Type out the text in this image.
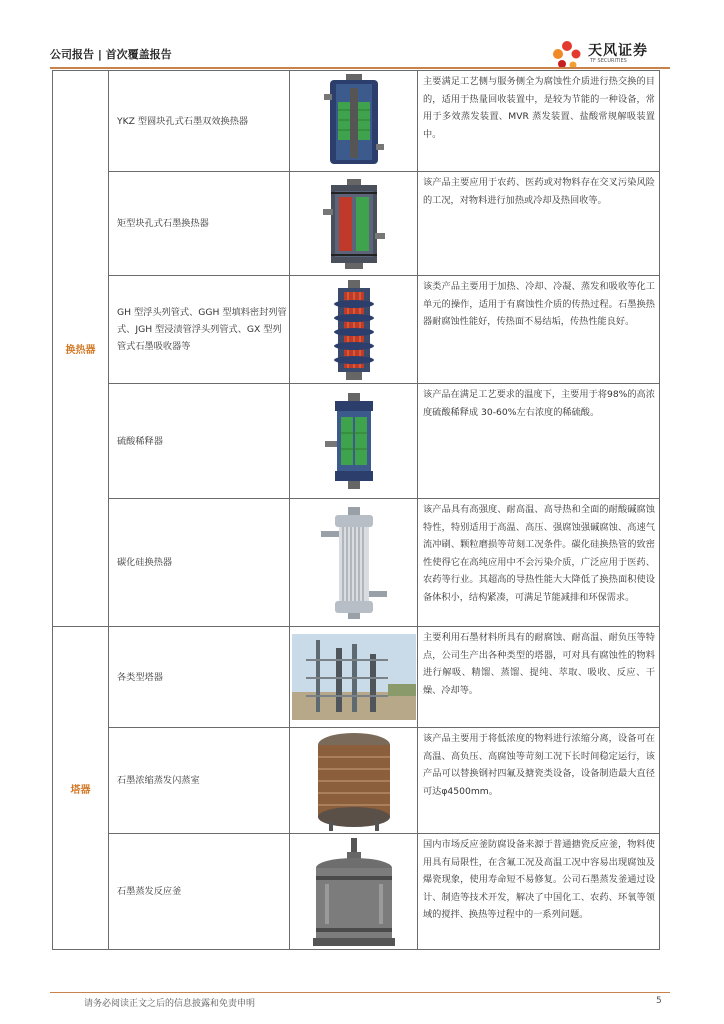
公司报告 | 首次覆盖报告	天风证券
TF SECURITIES
换热器	YKZ 型圆块孔式石墨双效换热器		主要满足工艺侧与服务侧全为腐蚀性介质进行热交换的目的，适用于热量回收装置中，是较为节能的一种设备，常用于多效蒸发装置、MVR 蒸发装置、盐酸常规解吸装置中。
	矩型块孔式石墨换热器		该产品主要应用于农药、医药或对物料存在交叉污染风险的工况，对物料进行加热或冷却及热回收等。
	GH 型浮头列管式、GGH 型填料密封列管式、JGH 型浸渍管浮头列管式、GX 型列管式石墨吸收器等		该类产品主要用于加热、冷却、冷凝、蒸发和吸收等化工单元的操作，适用于有腐蚀性介质的传热过程。石墨换热器耐腐蚀性能好，传热面不易结垢，传热性能良好。
	硫酸稀释器		该产品在满足工艺要求的温度下，主要用于将98%的高浓度硫酸稀释成 30-60%左右浓度的稀硫酸。
	碳化硅换热器		该产品具有高强度、耐高温、高导热和全面的耐酸碱腐蚀特性，特别适用于高温、高压、强腐蚀强碱腐蚀、高速气流冲刷、颗粒磨损等苛刻工况条件。碳化硅换热管的致密性使得它在高纯应用中不会污染介质，广泛应用于医药、农药等行业。其超高的导热性能大大降低了换热面积使设备体积小，结构紧凑，可满足节能减排和环保需求。
塔器	各类型塔器		主要利用石墨材料所具有的耐腐蚀、耐高温、耐负压等特点，公司生产出各种类型的塔器，可对具有腐蚀性的物料进行解吸、精馏、蒸馏、提纯、萃取、吸收、反应、干燥、冷却等。
	石墨浓缩蒸发闪蒸室		该产品主要用于将低浓度的物料进行浓缩分离，设备可在高温、高负压、高腐蚀等苛刻工况下长时间稳定运行，该产品可以替换钢衬四氟及搪瓷类设备，设备制造最大直径可达φ4500mm。
	石墨蒸发反应釜		国内市场反应釜防腐设备来源于普通搪瓷反应釜，物料使用具有局限性，在含氟工况及高温工况中容易出现腐蚀及爆瓷现象，使用寿命短不易修复。公司石墨蒸发釜通过设计、制造等技术开发，解决了中国化工、农药、环氧等领域的搅拌、换热等过程中的一系列问题。
请务必阅读正文之后的信息披露和免责申明	5
